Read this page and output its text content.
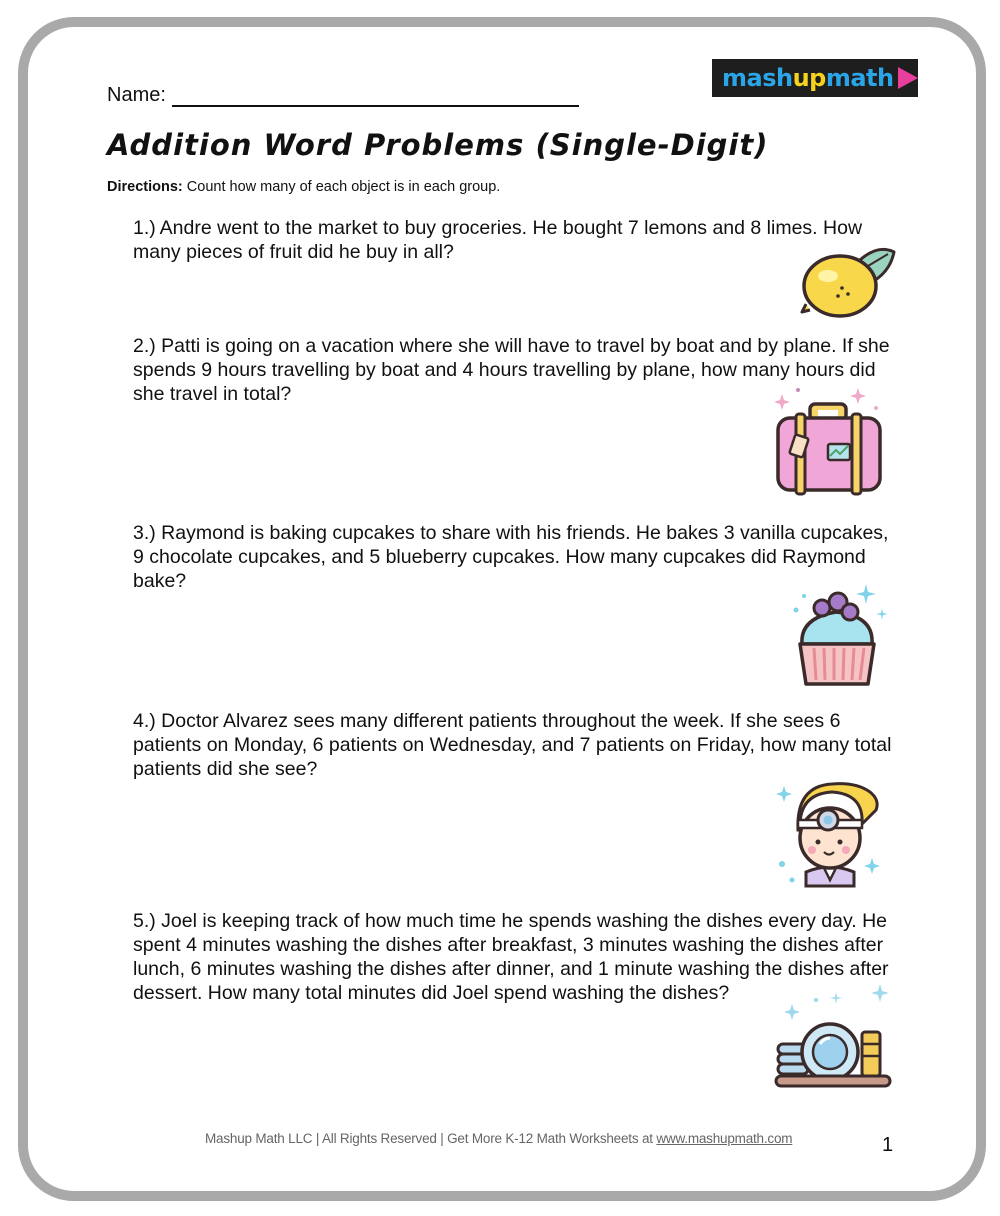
Name:
mash up math
Addition Word Problems (Single-Digit)
Directions: Count how many of each object is in each group.

1.) Andre went to the market to buy groceries. He bought 7 lemons and 8 limes. How many pieces of fruit did he buy in all?

2.) Patti is going on a vacation where she will have to travel by boat and by plane. If she spends 9 hours travelling by boat and 4 hours travelling by plane, how many hours did she travel in total?

3.) Raymond is baking cupcakes to share with his friends. He bakes 3 vanilla cupcakes, 9 chocolate cupcakes, and 5 blueberry cupcakes. How many cupcakes did Raymond bake?

4.) Doctor Alvarez sees many different patients throughout the week. If she sees 6 patients on Monday, 6 patients on Wednesday, and 7 patients on Friday, how many total patients did she see?

5.) Joel is keeping track of how much time he spends washing the dishes every day. He spent 4 minutes washing the dishes after breakfast, 3 minutes washing the dishes after lunch, 6 minutes washing the dishes after dinner, and 1 minute washing the dishes after dessert. How many total minutes did Joel spend washing the dishes?

Mashup Math LLC | All Rights Reserved | Get More K-12 Math Worksheets at www.mashupmath.com	1
